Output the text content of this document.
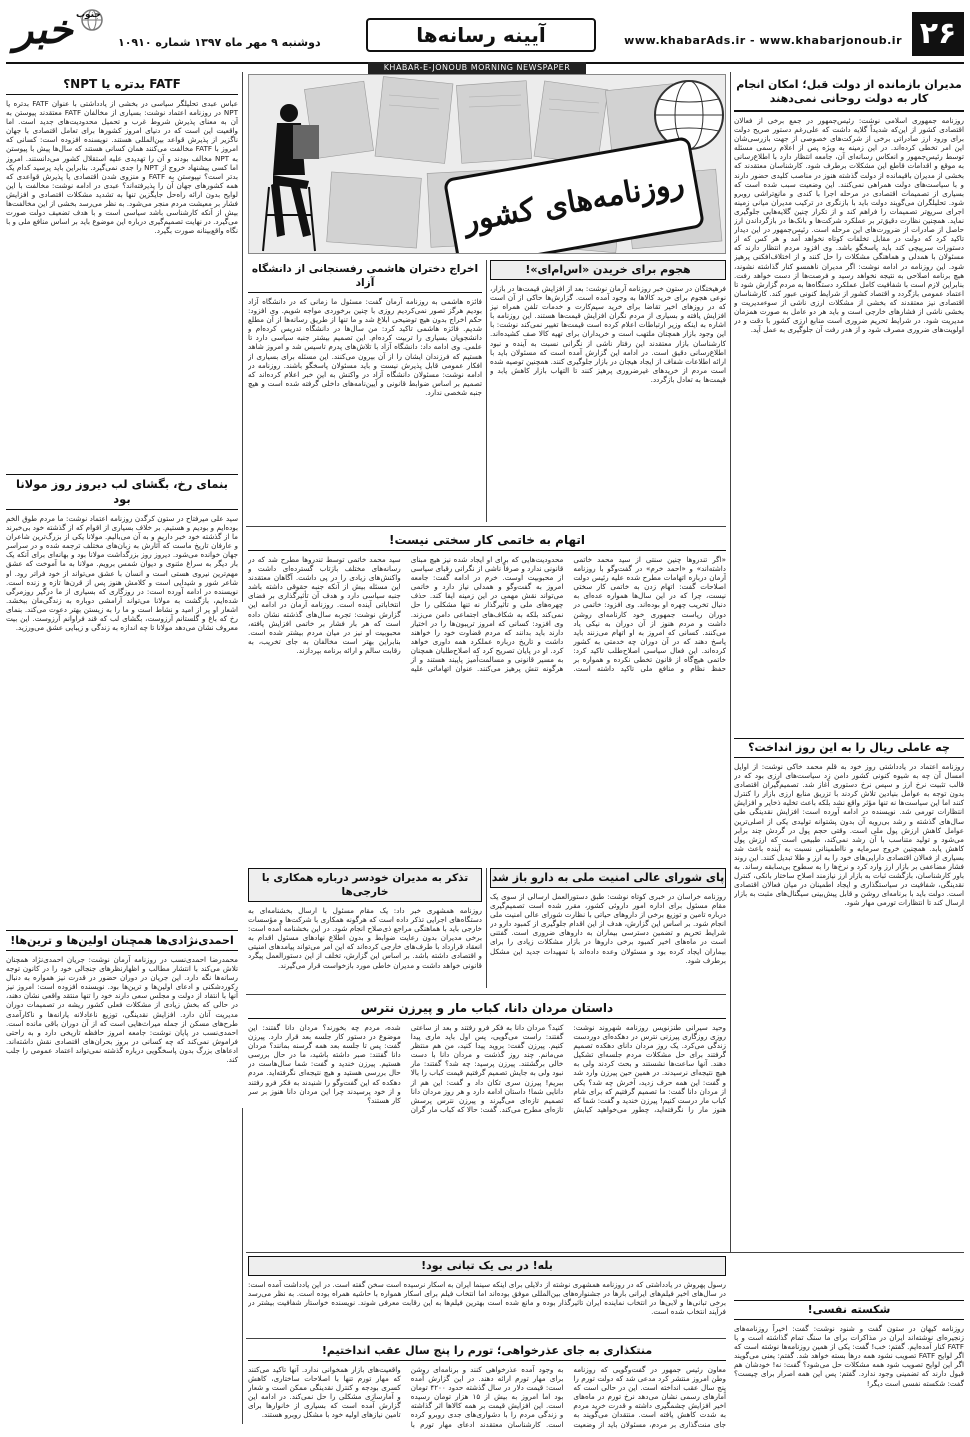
۲۶
www.khabarAds.ir - www.khabarjonoub.ir
آیینه رسانه‌ها
دوشنبه ۹ مهر ماه ۱۳۹۷ شماره ۱۰۹۱۰
خبر جنوب
KHABAR-E-JONOUB MORNING NEWSPAPER
مدیران بازمانده از دولت قبل؛ امکان انجام کار به دولت روحانی نمی‌دهند
روزنامه جمهوری اسلامی نوشت: رئیس‌جمهور در جمع برخی از فعالان اقتصادی کشور از این‌که شدیداً گلایه داشت که علی‌رغم دستور صریح دولت برای ورود ارز صادراتی برخی از شرکت‌های خصوصی از جهت بازرسی‌شان این امر تخطی کرده‌اند. در این زمینه به ویژه پس از اعلام رسمی مسئله توسط رئیس‌جمهور و انعکاس رسانه‌ای آن، جامعه انتظار دارد با اطلاع‌رسانی به موقع و اقدامات قاطع این مشکلات برطرف شود. کارشناسان معتقدند که بخشی از مدیران باقیمانده از دولت گذشته هنوز در مناصب کلیدی حضور دارند و با سیاست‌های دولت همراهی نمی‌کنند. این وضعیت سبب شده است که بسیاری از تصمیمات اقتصادی در مرحله اجرا با کندی و مانع‌تراشی روبرو شود. تحلیلگران می‌گویند دولت باید با بازنگری در ترکیب مدیران میانی زمینه اجرای سریع‌تر تصمیمات را فراهم کند و از تکرار چنین گلایه‌هایی جلوگیری نماید. همچنین نظارت دقیق‌تر بر عملکرد شرکت‌ها و بانک‌ها در بازگرداندن ارز حاصل از صادرات از ضرورت‌های این مرحله است. رئیس‌جمهور در این دیدار تاکید کرد که دولت در مقابل تخلفات کوتاه نخواهد آمد و هر کس که از دستورات سرپیچی کند باید پاسخگو باشد. وی افزود مردم انتظار دارند که مسئولان با همدلی و هماهنگی مشکلات را حل کنند و از اختلاف‌افکنی پرهیز شود. این روزنامه در ادامه نوشت: اگر مدیران ناهمسو کنار گذاشته نشوند، هیچ برنامه اصلاحی به نتیجه نخواهد رسید و فرصت‌ها از دست خواهد رفت. بنابراین لازم است با شفافیت کامل عملکرد دستگاه‌ها به مردم گزارش شود تا اعتماد عمومی بازگردد و اقتصاد کشور از شرایط کنونی عبور کند. کارشناسان اقتصادی نیز معتقدند که بخشی از مشکلات ارزی ناشی از سوءمدیریت و بخشی ناشی از فشارهای خارجی است و باید هر دو عامل به صورت همزمان مدیریت شود. در شرایط تحریم ضروری است منابع ارزی کشور با دقت و در اولویت‌های ضروری مصرف شود و از هدر رفت آن جلوگیری به عمل آید.
چه عاملی ریال را به این روز انداخت؟
روزنامه اعتماد در یادداشتی روز خود به قلم محمد خاکی نوشت: از اوایل امسال آن چه به شیوه کنونی کشور دامن زد سیاست‌های ارزی بود که در قالب تثبیت نرخ ارز و سپس نرخ دستوری آغاز شد. تصمیم‌گیران اقتصادی بدون توجه به عوامل بنیادین تلاش کردند با تزریق منابع ارزی بازار را کنترل کنند اما این سیاست‌ها نه تنها مؤثر واقع نشد بلکه باعث تخلیه ذخایر و افزایش انتظارات تورمی شد. نویسنده در ادامه آورده است: افزایش نقدینگی طی سال‌های گذشته و رشد بی‌رویه آن بدون پشتوانه تولیدی یکی از اصلی‌ترین عوامل کاهش ارزش پول ملی است. وقتی حجم پول در گردش چند برابر می‌شود و تولید متناسب با آن رشد نمی‌کند، طبیعی است که ارزش پول کاهش یابد. همچنین خروج سرمایه و نااطمینانی نسبت به آینده باعث شد بسیاری از فعالان اقتصادی دارایی‌های خود را به ارز و طلا تبدیل کنند. این روند فشار مضاعفی بر بازار ارز وارد کرد و نرخ‌ها را به سطوح بی‌سابقه رساند. به باور کارشناسان، بازگشت ثبات به بازار ارز نیازمند اصلاح ساختار بانکی، کنترل نقدینگی، شفافیت در سیاستگذاری و ایجاد اطمینان در میان فعالان اقتصادی است. دولت باید با برنامه‌ای روشن و قابل پیش‌بینی سیگنال‌های مثبت به بازار ارسال کند تا انتظارات تورمی مهار شود.
شکسته نفسی!
روزنامه کیهان در ستون گفت و شنود نوشت: گفت: اخیراً روزنامه‌های زنجیره‌ای نوشته‌اند ایران در مذاکرات برای ما سنگ تمام گذاشته است و با FATF کنار آمده‌ایم. گفتم: خب! گفت: یکی از همین روزنامه‌ها نوشته است که اگر لوایح FATF تصویب نشود همه درها بسته خواهد شد. گفتم: یعنی می‌گویند اگر این لوایح تصویب شود همه مشکلات حل می‌شود؟ گفت: نه! خودشان هم قبول دارند که تضمینی وجود ندارد. گفتم: پس این همه اصرار برای چیست؟ گفت: شکسته نفسی است دیگر!
روزنامه‌های کشور
هجوم برای خریدن «اس‌ام‌ای»!
فرهیختگان در ستون خبر روزنامه آرمان نوشت: بعد از افزایش قیمت‌ها در بازار، نوعی هجوم برای خرید کالاها به وجود آمده است. گزارش‌ها حاکی از آن است که در روزهای اخیر تقاضا برای خرید سیم‌کارت و خدمات تلفن همراه نیز افزایش یافته و بسیاری از مردم نگران افزایش قیمت‌ها هستند. این روزنامه با اشاره به اینکه وزیر ارتباطات اعلام کرده است قیمت‌ها تغییر نمی‌کند نوشت: با این وجود بازار همچنان ملتهب است و خریداران برای تهیه کالا صف کشیده‌اند. کارشناسان بازار معتقدند این رفتار ناشی از نگرانی نسبت به آینده و نبود اطلاع‌رسانی دقیق است. در ادامه این گزارش آمده است که مسئولان باید با ارائه اطلاعات شفاف از ایجاد هیجان در بازار جلوگیری کنند. همچنین توصیه شده است مردم از خریدهای غیرضروری پرهیز کنند تا التهاب بازار کاهش یابد و قیمت‌ها به تعادل بازگردد.
اخراج دختران هاشمی رفسنجانی از دانشگاه آزاد
فائزه هاشمی به روزنامه آرمان گفت: مسئول ما زمانی که در دانشگاه آزاد بودیم هرگز تصور نمی‌کردیم روزی با چنین برخوردی مواجه شویم. وی افزود: حکم اخراج بدون هیچ توضیحی ابلاغ شد و ما تنها از طریق رسانه‌ها از آن مطلع شدیم. فائزه هاشمی تاکید کرد: من سال‌ها در دانشگاه تدریس کرده‌ام و دانشجویان بسیاری را تربیت کرده‌ام. این تصمیم بیشتر جنبه سیاسی دارد تا علمی. وی ادامه داد: دانشگاه آزاد با تلاش‌های پدرم تاسیس شد و امروز شاهد هستیم که فرزندان ایشان را از آن بیرون می‌کنند. این مسئله برای بسیاری از افکار عمومی قابل پذیرش نیست و باید مسئولان پاسخگو باشند. روزنامه در ادامه نوشت: مسئولان دانشگاه آزاد در واکنش به این خبر اعلام کرده‌اند که تصمیم بر اساس ضوابط قانونی و آیین‌نامه‌های داخلی گرفته شده است و هیچ جنبه شخصی ندارد.
FATF بدتره یا NPT؟
عباس عبدی تحلیلگر سیاسی در بخشی از یادداشتی با عنوان FATF بدتره یا NPT در روزنامه اعتماد نوشت: بسیاری از مخالفان FATF معتقدند پیوستن به آن به معنای پذیرش شروط غرب و تحمیل محدودیت‌های جدید است. اما واقعیت این است که در دنیای امروز کشورها برای تعامل اقتصادی با جهان ناگزیر از پذیرش قواعد بین‌المللی هستند. نویسنده افزوده است: کسانی که امروز با FATF مخالفت می‌کنند همان کسانی هستند که سال‌ها پیش با پیوستن به NPT مخالف بودند و آن را تهدیدی علیه استقلال کشور می‌دانستند. امروز اما کسی پیشنهاد خروج از NPT را جدی نمی‌گیرد. بنابراین باید پرسید کدام یک بدتر است؟ نپیوستن به FATF و منزوی شدن اقتصادی یا پذیرش قواعدی که همه کشورهای جهان آن را پذیرفته‌اند؟ عبدی در ادامه نوشت: مخالفت با این لوایح بدون ارائه راه‌حل جایگزین تنها به تشدید مشکلات اقتصادی و افزایش فشار بر معیشت مردم منجر می‌شود. به نظر می‌رسد بخشی از این مخالفت‌ها بیش از آنکه کارشناسی باشد سیاسی است و با هدف تضعیف دولت صورت می‌گیرد. در نهایت تصمیم‌گیری درباره این موضوع باید بر اساس منافع ملی و با نگاه واقع‌بینانه صورت بگیرد.
بنمای رخ، بگشای لب دیروز روز مولانا بود
سید علی میرفتاح در ستون کرگدن روزنامه اعتماد نوشت: ما مردم طوق الخم بوده‌ایم و بودیم و هستیم. بر خلاف بسیاری از اقوام که از گذشته خود بی‌خبرند ما از گذشته خود خبر داریم و به آن می‌بالیم. مولانا یکی از بزرگ‌ترین شاعران و عارفان تاریخ ماست که آثارش به زبان‌های مختلف ترجمه شده و در سراسر جهان خوانده می‌شود. دیروز روز بزرگداشت مولانا بود و بهانه‌ای برای آنکه یک بار دیگر به سراغ مثنوی و دیوان شمس برویم. مولانا به ما آموخت که عشق مهم‌ترین نیروی هستی است و انسان با عشق می‌تواند از خود فراتر رود. او شاعر شور و شیدایی است و کلامش هنوز پس از قرن‌ها تازه و زنده است. نویسنده در ادامه آورده است: در روزگاری که بسیاری از ما درگیر روزمرگی شده‌ایم، بازگشت به مولانا می‌تواند آرامشی دوباره به زندگی‌مان ببخشد. اشعار او پر از امید و نشاط است و ما را به زیستن بهتر دعوت می‌کند. بنمای رخ که باغ و گلستانم آرزوست، بگشای لب که قند فراوانم آرزوست. این بیت معروف نشان می‌دهد مولانا تا چه اندازه به زندگی و زیبایی عشق می‌ورزید.
احمدی‌نژادی‌ها همچنان اولین‌ها و ترین‌ها!
محمدرضا احمدی‌نسب در روزنامه آرمان نوشت: جریان احمدی‌نژاد همچنان تلاش می‌کند با انتشار مطالب و اظهارنظرهای جنجالی خود را در کانون توجه رسانه‌ها نگه دارد. این جریان در دوران حضور در قدرت نیز همواره به دنبال رکوردشکنی و ادعای اولین‌ها و ترین‌ها بود. نویسنده افزوده است: امروز نیز آنها با انتقاد از دولت و مجلس سعی دارند خود را تنها منتقد واقعی نشان دهند، در حالی که بخش زیادی از مشکلات فعلی کشور ریشه در تصمیمات دوران مدیریت آنان دارد. افزایش نقدینگی، توزیع ناعادلانه یارانه‌ها و ناکارآمدی طرح‌های مسکن از جمله میراث‌هایی است که از آن دوران باقی مانده است. احمدی‌نسب در پایان نوشت: جامعه امروز حافظه تاریخی دارد و به راحتی فراموش نمی‌کند که چه کسانی در بروز بحران‌های اقتصادی نقش داشته‌اند. ادعاهای بزرگ بدون پاسخگویی درباره گذشته نمی‌تواند اعتماد عمومی را جلب کند.
اتهام به خاتمی کار سختی نیست!
«اگر تندروها چنین سنتی از سید محمد خاتمی داشته‌اند» و «احمد خرم» در گفت‌وگو با روزنامه آرمان درباره اتهامات مطرح شده علیه رئیس دولت اصلاحات گفت: اتهام زدن به خاتمی کار سختی نیست، چرا که در این سال‌ها همواره عده‌ای به دنبال تخریب چهره او بوده‌اند. وی افزود: خاتمی در دوران ریاست جمهوری خود کارنامه‌ای روشن داشت و مردم هنوز از آن دوران به نیکی یاد می‌کنند. کسانی که امروز به او اتهام می‌زنند باید پاسخ دهند که در آن دوران چه خدمتی به کشور کرده‌اند. این فعال سیاسی اصلاح‌طلب تاکید کرد: خاتمی هیچ‌گاه از قانون تخطی نکرده و همواره بر حفظ نظام و منافع ملی تاکید داشته است. محدودیت‌هایی که برای او ایجاد شده نیز هیچ مبنای قانونی ندارد و صرفاً ناشی از نگرانی رقبای سیاسی از محبوبیت اوست. خرم در ادامه گفت: جامعه امروز به گفت‌وگو و همدلی نیاز دارد و خاتمی می‌تواند نقش مهمی در این زمینه ایفا کند. حذف چهره‌های ملی و تأثیرگذار نه تنها مشکلی را حل نمی‌کند بلکه به شکاف‌های اجتماعی دامن می‌زند. وی افزود: کسانی که امروز تریبون‌ها را در اختیار دارند باید بدانند که مردم قضاوت خود را خواهند داشت و تاریخ درباره عملکرد همه داوری خواهد کرد. او در پایان تصریح کرد که اصلاح‌طلبان همچنان به مسیر قانونی و مسالمت‌آمیز پایبند هستند و از هرگونه تنش پرهیز می‌کنند. عنوان اتهاماتی علیه سید محمد خاتمی توسط تندروها مطرح شد که در رسانه‌های مختلف بازتاب گسترده‌ای داشت و واکنش‌های زیادی را در پی داشت. آگاهان معتقدند این مسئله بیش از آنکه جنبه حقوقی داشته باشد جنبه سیاسی دارد و هدف آن تأثیرگذاری بر فضای انتخاباتی آینده است. روزنامه آرمان در ادامه این گزارش نوشت: تجربه سال‌های گذشته نشان داده است که هر بار فشار بر خاتمی افزایش یافته، محبوبیت او نیز در میان مردم بیشتر شده است. بنابراین بهتر است مخالفان به جای تخریب، به رقابت سالم و ارائه برنامه بپردازند.
پای شورای عالی امنیت ملی به دارو باز شد
روزنامه خراسان در خبری کوتاه نوشت: طبق دستورالعمل ارسالی از سوی یک مقام مسئول برای اداره امور داروئی کشور، مقرر شده است تصمیم‌گیری درباره تامین و توزیع برخی از داروهای حیاتی با نظارت شورای عالی امنیت ملی انجام شود. بر اساس این گزارش، هدف از این اقدام جلوگیری از کمبود دارو در شرایط تحریم و تضمین دسترسی بیماران به داروهای ضروری است. گفتنی است در ماه‌های اخیر کمبود برخی داروها در بازار مشکلات زیادی را برای بیماران ایجاد کرده بود و مسئولان وعده داده‌اند با تمهیدات جدید این مشکل برطرف شود.
تذکر به مدیران خودسر درباره همکاری با خارجی‌ها
روزنامه همشهری خبر داد: یک مقام مسئول با ارسال بخشنامه‌ای به دستگاه‌های اجرایی تذکر داده است که هرگونه همکاری با شرکت‌ها و مؤسسات خارجی باید با هماهنگی مراجع ذی‌صلاح انجام شود. در این بخشنامه آمده است: برخی مدیران بدون رعایت ضوابط و بدون اطلاع نهادهای مسئول اقدام به انعقاد قرارداد با طرف‌های خارجی کرده‌اند که این امر می‌تواند پیامدهای امنیتی و اقتصادی داشته باشد. بر اساس این گزارش، تخلف از این دستورالعمل پیگرد قانونی خواهد داشت و مدیران خاطی مورد بازخواست قرار می‌گیرند.
داستان مردان دانا، کباب مار و پیرزن نترس
وحید سیرانی طنزنویس روزنامه شهروند نوشت: روزی روزگاری پیرزنی نترس در دهکده‌ای دوردست زندگی می‌کرد. یک روز مردان دانای دهکده تصمیم گرفتند برای حل مشکلات مردم جلسه‌ای تشکیل دهند. آنها ساعت‌ها نشستند و بحث کردند ولی به هیچ نتیجه‌ای نرسیدند. در همین حین پیرزن وارد شد و گفت: این همه حرف زدید، آخرش چه شد؟ یکی از مردان دانا گفت: ما تصمیم گرفتیم که برای شام کباب مار درست کنیم! پیرزن خندید و گفت: شما که هنوز مار را نگرفته‌اید، چطور می‌خواهید کبابش کنید؟ مردان دانا به فکر فرو رفتند و بعد از ساعتی گفتند: راست می‌گویی، پس اول باید ماری پیدا کنیم. پیرزن گفت: بروید پیدا کنید، من هم منتظر می‌مانم. چند روز گذشت و مردان دانا با دست خالی برگشتند. پیرزن پرسید: چه شد؟ گفتند: مار نبود ولی به جایش تصمیم گرفتیم قیمت کباب را بالا ببریم! پیرزن سری تکان داد و گفت: این هم از دانایی شما! داستان ادامه دارد و هر روز مردان دانا تصمیم تازه‌ای می‌گیرند و پیرزن نترس پرسش تازه‌ای مطرح می‌کند. گفت: حالا که کباب مار گران شده، مردم چه بخورند؟ مردان دانا گفتند: این موضوع در دستور کار جلسه بعد قرار دارد. پیرزن گفت: پس تا جلسه بعد همه گرسنه بمانند؟ مردان دانا گفتند: صبر داشته باشید، ما در حال بررسی هستیم. پیرزن خندید و گفت: شما سال‌هاست در حال بررسی هستید و هیچ نتیجه‌ای نگرفته‌اید. مردم دهکده که این گفت‌وگو را شنیدند به فکر فرو رفتند و از خود پرسیدند چرا این مردان دانا هنوز بر سر کار هستند؟
بله! در بی یک تبانی بود!
رسول پهروش در یادداشتی که در روزنامه همشهری نوشته از دلایلی برای اینکه سینما ایران به اسکار نرسیده است سخن گفته است. در این یادداشت آمده است: در سال‌های اخیر فیلم‌های ایرانی بارها در جشنواره‌های بین‌المللی موفق بوده‌اند اما انتخاب فیلم برای اسکار همواره با حاشیه همراه بوده است. به نظر می‌رسد برخی تبانی‌ها و لابی‌ها در انتخاب نماینده ایران تاثیرگذار بوده و مانع شده است بهترین فیلم‌ها به این رقابت معرفی شوند. نویسنده خواستار شفافیت بیشتر در فرآیند انتخاب شده است.
منتکذاری به جای عذرخواهی؛ تورم را پنج سال عقب انداختیم!
معاون رئیس جمهور در گفت‌وگویی که روزنامه وطن امروز منتشر کرد مدعی شد که دولت تورم را پنج سال عقب انداخته است. این در حالی است که آمارهای رسمی نشان می‌دهد نرخ تورم در ماه‌های اخیر افزایش چشمگیری داشته و قدرت خرید مردم به شدت کاهش یافته است. منتقدان می‌گویند به جای منت‌گذاری بر مردم، مسئولان باید از وضعیت به وجود آمده عذرخواهی کنند و برنامه‌ای روشن برای مهار تورم ارائه دهند. در این گزارش آمده است: قیمت دلار در سال گذشته حدود ۴۲۰۰ تومان بود اما امروز به بیش از ۱۵ هزار تومان رسیده است. این افزایش قیمت بر همه کالاها اثر گذاشته و زندگی مردم را با دشواری‌های جدی روبرو کرده است. کارشناسان معتقدند ادعای مهار تورم با واقعیت‌های بازار همخوانی ندارد. آنها تاکید می‌کنند که مهار تورم تنها با اصلاحات ساختاری، کاهش کسری بودجه و کنترل نقدینگی ممکن است و شعار و آمارسازی مشکلی را حل نمی‌کند. در ادامه این گزارش آمده است که بسیاری از خانوارها برای تامین نیازهای اولیه خود با مشکل روبرو هستند.
